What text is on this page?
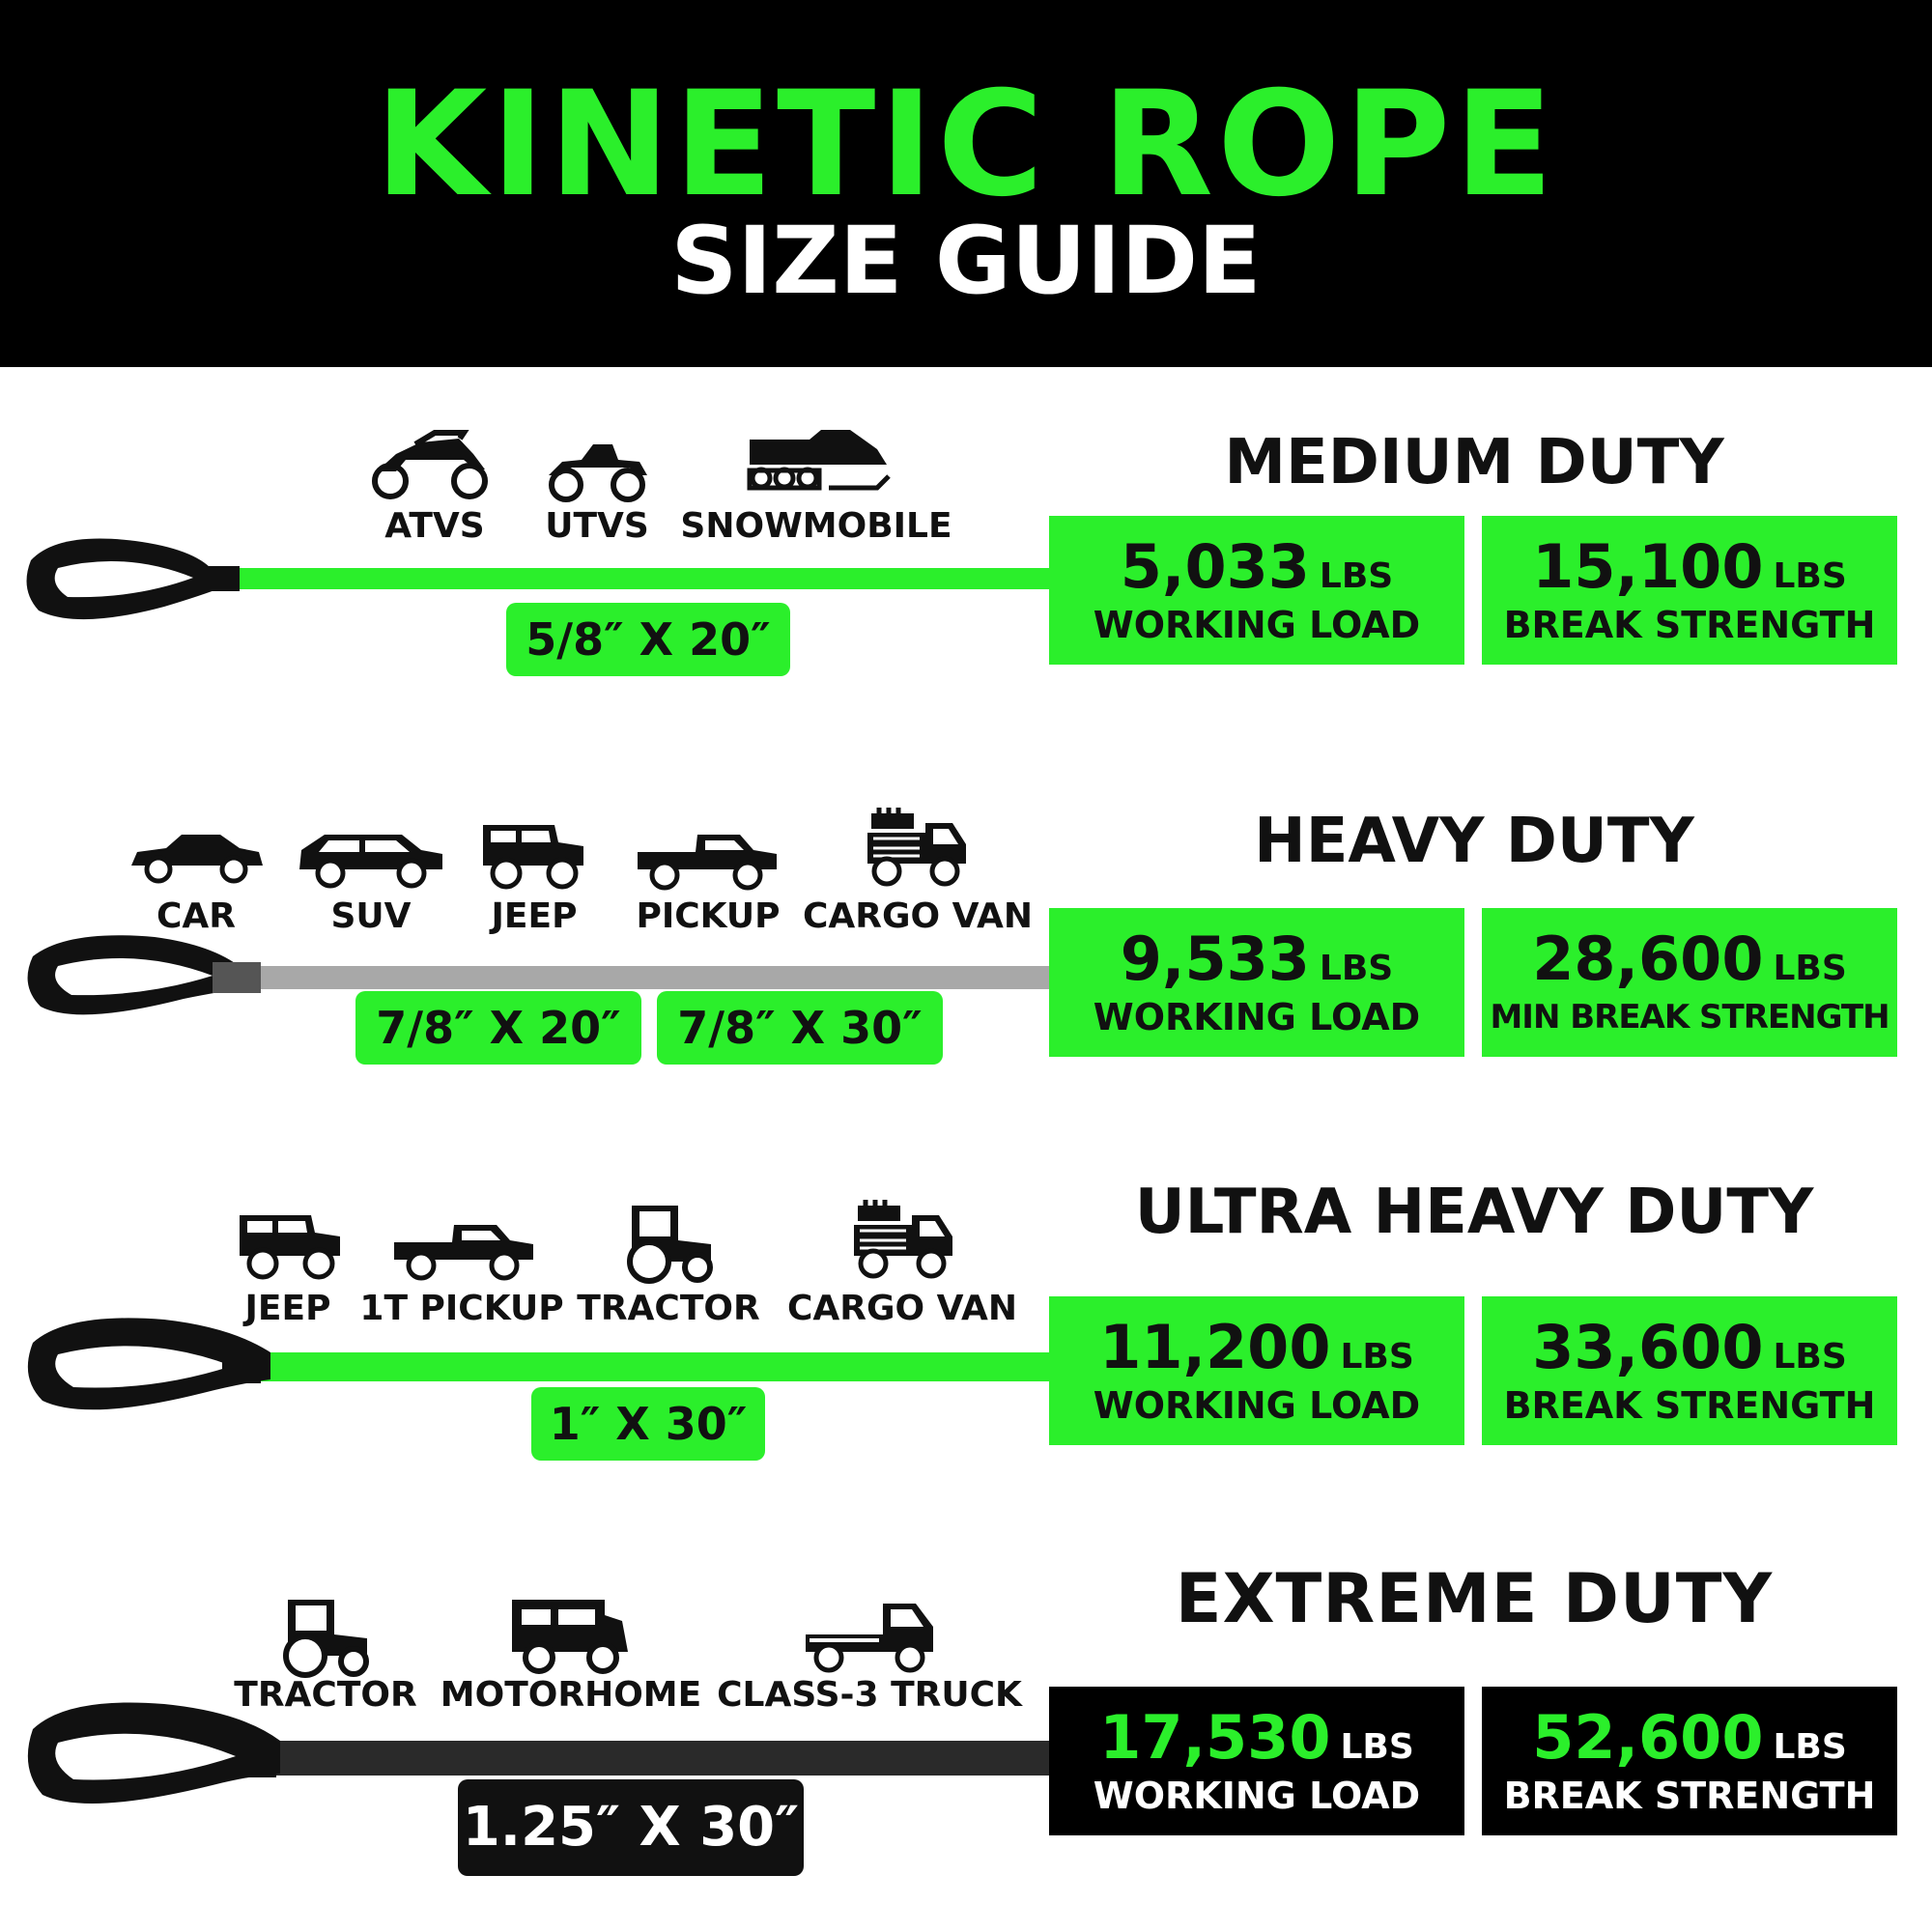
KINETIC ROPE
SIZE GUIDE
ATVS UTVS SNOWMOBILE
5/8″ X 20″
MEDIUM DUTY
5,033 LBS
WORKING LOAD
15,100 LBS
BREAK STRENGTH
CAR	SUV JEEP PICKUP CARGO VAN
7/8″ X 20″	7/8″ X 30″
HEAVY DUTY
9,533 LBS
WORKING LOAD
28,600 LBS
MIN BREAK STRENGTH
JEEP 1T PICKUP TRACTOR CARGO VAN
1″ X 30″
ULTRA HEAVY DUTY
11,200 LBS
WORKING LOAD
33,600 LBS
BREAK STRENGTH
TRACTOR MOTORHOME CLASS-3 TRUCK
1.25″ X 30″
EXTREME DUTY
17,530 LBS
WORKING LOAD
52,600 LBS
BREAK STRENGTH
